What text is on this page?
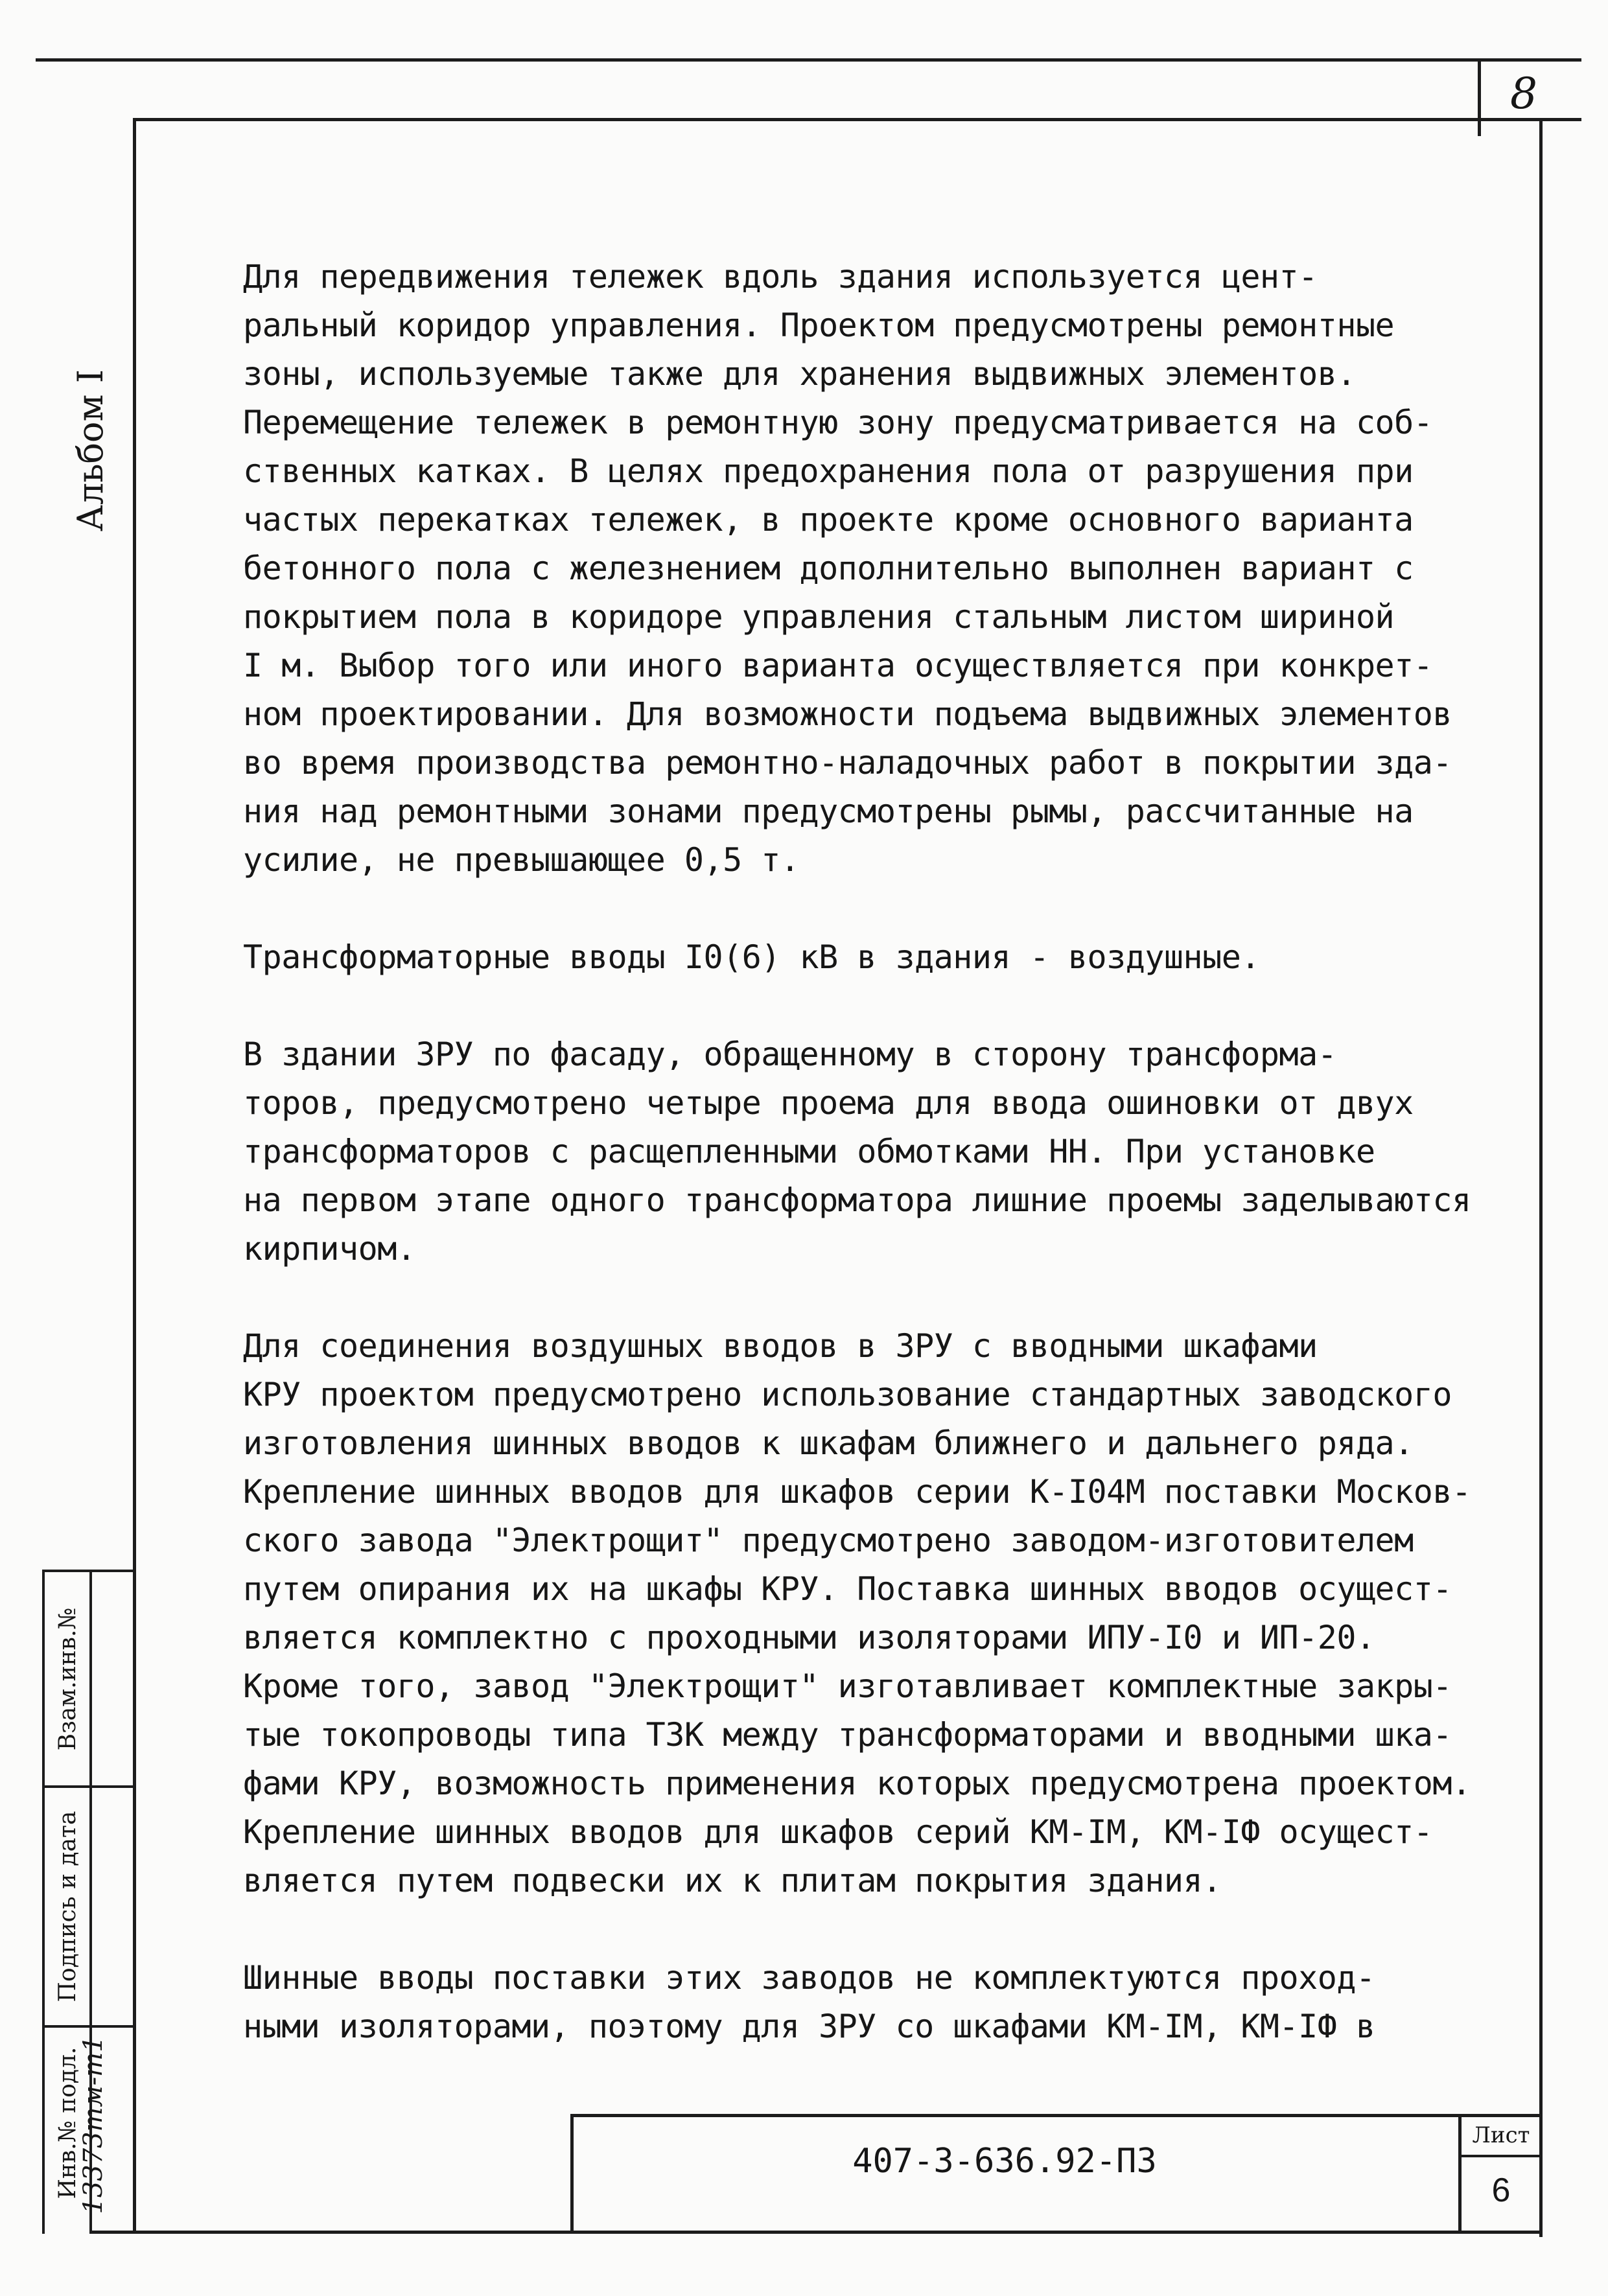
8
Альбом I
Инв.№ подл.
13373тм-т1
Подпись и дата
Взам.инв.№
Для передвижения тележек вдоль здания используется цент-
ральный коридор управления. Проектом предусмотрены ремонтные
зоны, используемые также для хранения выдвижных элементов.
Перемещение тележек в ремонтную зону предусматривается на соб-
ственных катках. В целях предохранения пола от разрушения при
частых перекатках тележек, в проекте кроме основного варианта
бетонного пола с железнением дополнительно выполнен вариант с
покрытием пола в коридоре управления стальным листом шириной
I м. Выбор того или иного варианта осуществляется при конкрет-
ном проектировании. Для возможности подъема выдвижных элементов
во время производства ремонтно-наладочных работ в покрытии зда-
ния над ремонтными зонами предусмотрены рымы, рассчитанные на
усилие, не превышающее 0,5 т.
Трансформаторные вводы I0(6) кВ в здания - воздушные.
В здании ЗРУ по фасаду, обращенному в сторону трансформа-
торов, предусмотрено четыре проема для ввода ошиновки от двух
трансформаторов с расщепленными обмотками НН. При установке
на первом этапе одного трансформатора лишние проемы заделываются
кирпичом.
Для соединения воздушных вводов в ЗРУ с вводными шкафами
КРУ проектом предусмотрено использование стандартных заводского
изготовления шинных вводов к шкафам ближнего и дальнего ряда.
Крепление шинных вводов для шкафов серии К-I04М поставки Москов-
ского завода "Электрощит" предусмотрено заводом-изготовителем
путем опирания их на шкафы КРУ. Поставка шинных вводов осущест-
вляется комплектно с проходными изоляторами ИПУ-I0 и ИП-20.
Кроме того, завод "Электрощит" изготавливает комплектные закры-
тые токопроводы типа ТЗК между трансформаторами и вводными шка-
фами КРУ, возможность применения которых предусмотрена проектом.
Крепление шинных вводов для шкафов серий КМ-IМ, КМ-IФ осущест-
вляется путем подвески их к плитам покрытия здания.
Шинные вводы поставки этих заводов не комплектуются проход-
ными изоляторами, поэтому для ЗРУ со шкафами КМ-IМ, КМ-IФ в
407-3-636.92-ПЗ
Лист
6
